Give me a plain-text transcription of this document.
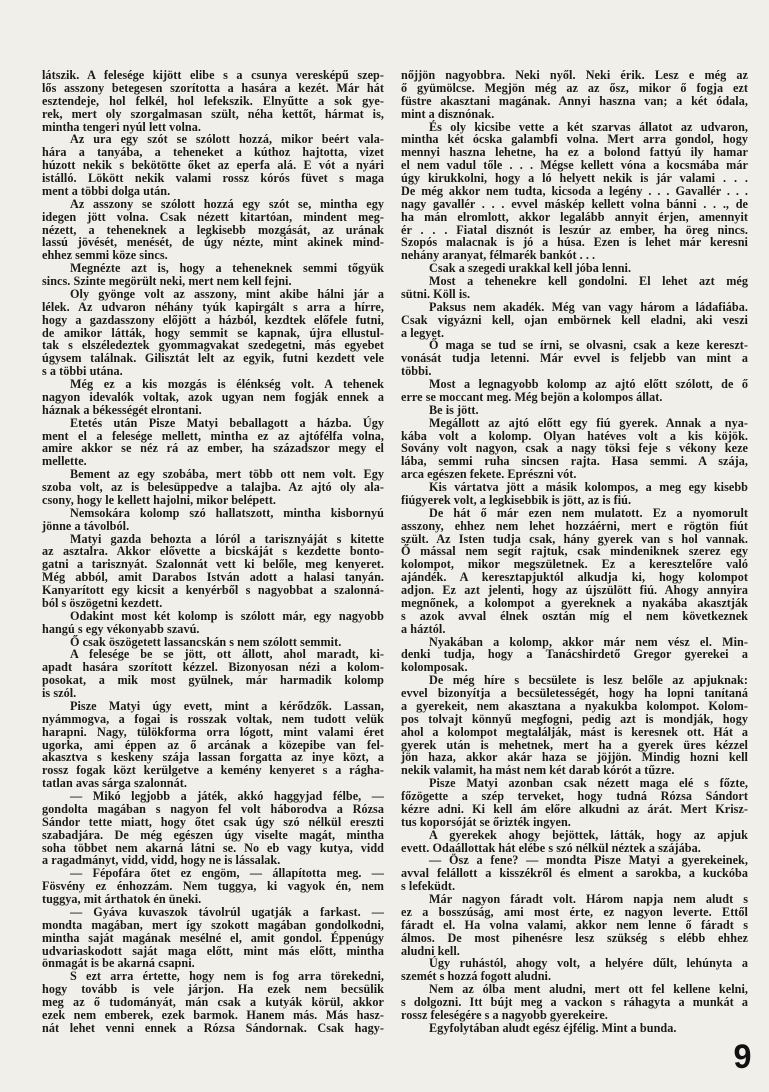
látszik. A felesége kijött elibe s a csunya veresképű szep-
lős asszony betegesen szorította a hasára a kezét. Már hát
esztendeje, hol felkél, hol lefekszik. Elnyűtte a sok gye-
rek, mert oly szorgalmasan szült, néha kettőt, hármat is,
mintha tengeri nyúl lett volna.
Az ura egy szót se szólott hozzá, mikor beért vala-
hára a tanyába, a teheneket a kúthoz hajtotta, vizet
húzott nekik s bekötötte őket az eperfa alá. E vót a nyári
istálló. Lökött nekik valami rossz kórós füvet s maga
ment a többi dolga után.
Az asszony se szólott hozzá egy szót se, mintha egy
idegen jött volna. Csak nézett kitartóan, mindent meg-
nézett, a teheneknek a legkisebb mozgását, az urának
lassú jövését, menését, de úgy nézte, mint akinek mind-
ehhez semmi köze sincs.
Megnézte azt is, hogy a teheneknek semmi tőgyük
sincs. Szinte megörült neki, mert nem kell fejni.
Oly gyönge volt az asszony, mint akibe hálni jár a
lélek. Az udvaron néhány tyúk kapirgált s arra a hírre,
hogy a gazdasszony előjött a házból, kezdtek előfele futni,
de amikor látták, hogy semmit se kapnak, újra ellustul-
tak s elszéledeztek gyommagvakat szedegetni, más egyebet
úgysem találnak. Gilisztát lelt az egyik, futni kezdett vele
s a többi utána.
Még ez a kis mozgás is élénkség volt. A tehenek
nagyon idevalók voltak, azok ugyan nem fogják ennek a
háznak a békességét elrontani.
Etetés után Pisze Matyi beballagott a házba. Úgy
ment el a felesége mellett, mintha ez az ajtófélfa volna,
amire akkor se néz rá az ember, ha századszor megy el
mellette.
Bement az egy szobába, mert több ott nem volt. Egy
szoba volt, az is belesüppedve a talajba. Az ajtó oly ala-
csony, hogy le kellett hajolni, mikor belépett.
Nemsokára kolomp szó hallatszott, mintha kisbornyú
jönne a távolból.
Matyi gazda behozta a lóról a tarisznyáját s kitette
az asztalra. Akkor elővette a bicskáját s kezdette bonto-
gatni a tarisznyát. Szalonnát vett ki belőle, meg kenyeret.
Még abból, amit Darabos István adott a halasi tanyán.
Kanyarított egy kicsit a kenyérből s nagyobbat a szalonná-
ból s öszögetni kezdett.
Odakint most két kolomp is szólott már, egy nagyobb
hangú s egy vékonyabb szavú.
Ő csak öszögetett lassancskán s nem szólott semmit.
A felesége be se jött, ott állott, ahol maradt, ki-
apadt hasára szorított kézzel. Bizonyosan nézi a kolom-
posokat, a mik most gyülnek, már harmadik kolomp
is szól.
Pisze Matyi úgy evett, mint a kérődzők. Lassan,
nyámmogva, a fogai is rosszak voltak, nem tudott velük
harapni. Nagy, tülökforma orra lógott, mint valami éret
ugorka, ami éppen az ő arcának a közepibe van fel-
akasztva s keskeny szája lassan forgatta az inye közt, a
rossz fogak közt kerülgetve a kemény kenyeret s a rágha-
tatlan avas sárga szalonnát.
— Mikó legjobb a játék, akkó haggyjad félbe, —
gondolta magában s nagyon fel volt háborodva a Rózsa
Sándor tette miatt, hogy őtet csak úgy szó nélkül ereszti
szabadjára. De még egészen úgy viselte magát, mintha
soha többet nem akarná látni se. No eb vagy kutya, vidd
a ragadmányt, vidd, vidd, hogy ne is lássalak.
— Fépofára őtet ez engöm, — állapította meg. —
Fösvény ez énhozzám. Nem tuggya, ki vagyok én, nem
tuggya, mit árthatok én üneki.
— Gyáva kuvaszok távolrúl ugatják a farkast. —
mondta magában, mert így szokott magában gondolkodni,
mintha saját magának mesélné el, amit gondol. Éppenúgy
udvariaskodott saját maga előtt, mint más előtt, mintha
önmagát is be akarná csapni.
S ezt arra értette, hogy nem is fog arra törekedni,
hogy tovább is vele járjon. Ha ezek nem becsülik
meg az ő tudományát, mán csak a kutyák körül, akkor
ezek nem emberek, ezek barmok. Hanem más. Más hasz-
nát lehet venni ennek a Rózsa Sándornak. Csak hagy-
nőjjön nagyobbra. Neki nyől. Neki érik. Lesz e még az
ő gyümölcse. Megjön még az az ősz, mikor ő fogja ezt
füstre akasztani magának. Annyi haszna van; a két ódala,
mint a disznónak.
És oly kicsibe vette a két szarvas állatot az udvaron,
mintha két ócska galambfi volna. Mert arra gondol, hogy
mennyi haszna lehetne, ha ez a bolond fattyú ily hamar
el nem vadul tőle . . . Mégse kellett vóna a kocsmába már
úgy kirukkolni, hogy a ló helyett nekik is jár valami . . .
De még akkor nem tudta, kicsoda a legény . . . Gavallér . . .
nagy gavallér . . . evvel máskép kellett volna bánni . . ., de
ha mán elromlott, akkor legalább annyit érjen, amennyit
ér . . . Fiatal disznót is leszúr az ember, ha öreg nincs.
Szopós malacnak is jó a húsa. Ezen is lehet már keresni
nehány aranyat, félmarék bankót . . .
Csak a szegedi urakkal kell jóba lenni.
Most a tehenekre kell gondolni. El lehet azt még
sütni. Köll is.
Paksus nem akadék. Még van vagy három a ládafiába.
Csak vigyázni kell, ojan embörnek kell eladni, aki veszi
a legyet.
Ő maga se tud se írni, se olvasni, csak a keze kereszt-
vonását tudja letenni. Már evvel is feljebb van mint a
többi.
Most a legnagyobb kolomp az ajtó előtt szólott, de ő
erre se moccant meg. Még bejön a kolompos állat.
Be is jött.
Megállott az ajtó előtt egy fiú gyerek. Annak a nya-
kába volt a kolomp. Olyan hatéves volt a kis köjök.
Sovány volt nagyon, csak a nagy töksi feje s vékony keze
lába, semmi ruha sincsen rajta. Hasa semmi. A szája,
arca egészen fekete. Eprészni vót.
Kis vártatva jött a másik kolompos, a meg egy kisebb
fiúgyerek volt, a legkisebbik is jött, az is fiú.
De hát ő már ezen nem mulatott. Ez a nyomorult
asszony, ehhez nem lehet hozzáérni, mert e rögtön fiút
szült. Az Isten tudja csak, hány gyerek van s hol vannak.
Ő mással nem segít rajtuk, csak mindeniknek szerez egy
kolompot, mikor megszületnek. Ez a keresztelőre való
ajándék. A keresztapjuktól alkudja ki, hogy kolompot
adjon. Ez azt jelenti, hogy az újszülött fiú. Ahogy annyira
megnőnek, a kolompot a gyereknek a nyakába akasztják
s azok avval élnek osztán míg el nem következnek
a háztól.
Nyakában a kolomp, akkor már nem vész el. Min-
denki tudja, hogy a Tanácshirdető Gregor gyerekei a
kolomposak.
De még híre s becsülete is lesz belőle az apjuknak:
evvel bizonyítja a becsületességét, hogy ha lopni tanítaná
a gyerekeit, nem akasztana a nyakukba kolompot. Kolom-
pos tolvajt könnyű megfogni, pedig azt is mondják, hogy
ahol a kolompot megtalálják, mást is keresnek ott. Hát a
gyerek után is mehetnek, mert ha a gyerek üres kézzel
jön haza, akkor akár haza se jöjjön. Mindig hozni kell
nekik valamit, ha mást nem két darab kórót a tűzre.
Pisze Matyi azonban csak nézett maga elé s főzte,
főzögette a szép terveket, hogy tudná Rózsa Sándort
kézre adni. Ki kell ám előre alkudni az árát. Mert Krisz-
tus koporsóját se őrizték ingyen.
A gyerekek ahogy bejöttek, látták, hogy az apjuk
evett. Odaállottak hát elébe s szó nélkül néztek a szájába.
— Ösz a fene? — mondta Pisze Matyi a gyerekeinek,
avval felállott a kisszékről és elment a sarokba, a kuckóba
s lefeküdt.
Már nagyon fáradt volt. Három napja nem aludt s
ez a bosszúság, ami most érte, ez nagyon leverte. Ettől
fáradt el. Ha volna valami, akkor nem lenne ő fáradt s
álmos. De most pihenésre lesz szükség s elébb ehhez
aludni kell.
Úgy ruhástól, ahogy volt, a helyére dűlt, lehúnyta a
szemét s hozzá fogott aludni.
Nem az ólba ment aludni, mert ott fel kellene kelni,
s dolgozni. Itt bújt meg a vackon s ráhagyta a munkát a
rossz feleségére s a nagyobb gyerekeire.
Egyfolytában aludt egész éjfélig. Mint a bunda.
9
